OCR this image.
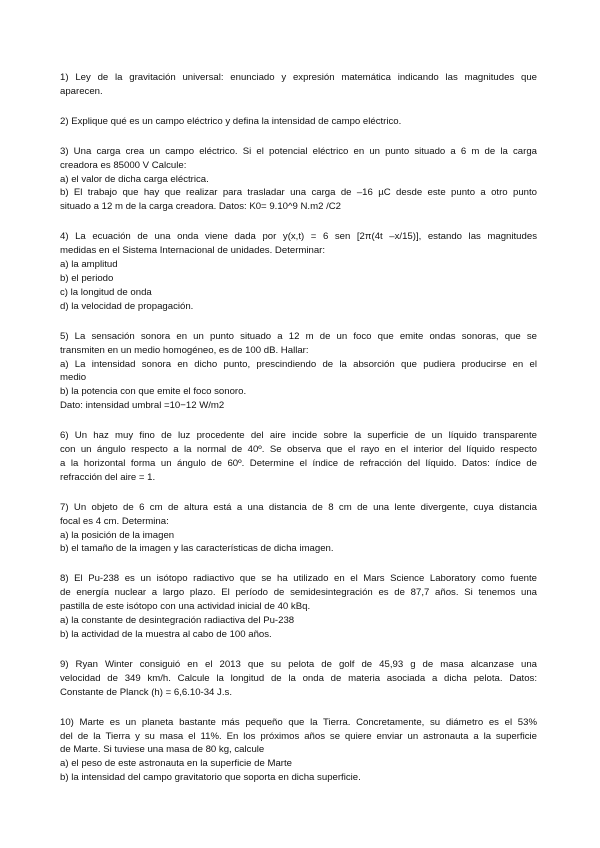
1) Ley de la gravitación universal: enunciado y expresión matemática indicando las magnitudes que
aparecen.
2) Explique qué es un campo eléctrico y defina la intensidad de campo eléctrico.
3) Una carga crea un campo eléctrico. Si el potencial eléctrico en un punto situado a 6 m de la carga
creadora es 85000 V Calcule:
a) el valor de dicha carga eléctrica.
b) El trabajo que hay que realizar para trasladar una carga de –16 µC desde este punto a otro punto
situado a 12 m de la carga creadora. Datos: K0= 9.10^9 N.m2 /C2
4) La ecuación de una onda viene dada por y(x,t) = 6 sen [2π(4t –x/15)], estando las magnitudes
medidas en el Sistema Internacional de unidades. Determinar:
a) la amplitud
b) el periodo
c) la longitud de onda
d) la velocidad de propagación.
5) La sensación sonora en un punto situado a 12 m de un foco que emite ondas sonoras, que se
transmiten en un medio homogéneo, es de 100 dB. Hallar:
a) La intensidad sonora en dicho punto, prescindiendo de la absorción que pudiera producirse en el
medio
b) la potencia con que emite el foco sonoro.
Dato: intensidad umbral =10−12 W/m2
6) Un haz muy fino de luz procedente del aire incide sobre la superficie de un líquido transparente
con un ángulo respecto a la normal de 40º. Se observa que el rayo en el interior del líquido respecto
a la horizontal forma un ángulo de 60º. Determine el índice de refracción del líquido. Datos: índice de
refracción del aire = 1.
7) Un objeto de 6 cm de altura está a una distancia de 8 cm de una lente divergente, cuya distancia
focal es 4 cm. Determina:
a) la posición de la imagen
b) el tamaño de la imagen y las características de dicha imagen.
8) El Pu-238 es un isótopo radiactivo que se ha utilizado en el Mars Science Laboratory como fuente
de energía nuclear a largo plazo. El período de semidesintegración es de 87,7 años. Si tenemos una
pastilla de este isótopo con una actividad inicial de 40 kBq.
a) la constante de desintegración radiactiva del Pu-238
b) la actividad de la muestra al cabo de 100 años.
9) Ryan Winter consiguió en el 2013 que su pelota de golf de 45,93 g de masa alcanzase una
velocidad de 349 km/h. Calcule la longitud de la onda de materia asociada a dicha pelota. Datos:
Constante de Planck (h) = 6,6.10-34 J.s.
10) Marte es un planeta bastante más pequeño que la Tierra. Concretamente, su diámetro es el 53%
del de la Tierra y su masa el 11%. En los próximos años se quiere enviar un astronauta a la superficie
de Marte. Si tuviese una masa de 80 kg, calcule
a) el peso de este astronauta en la superficie de Marte
b) la intensidad del campo gravitatorio que soporta en dicha superficie.
